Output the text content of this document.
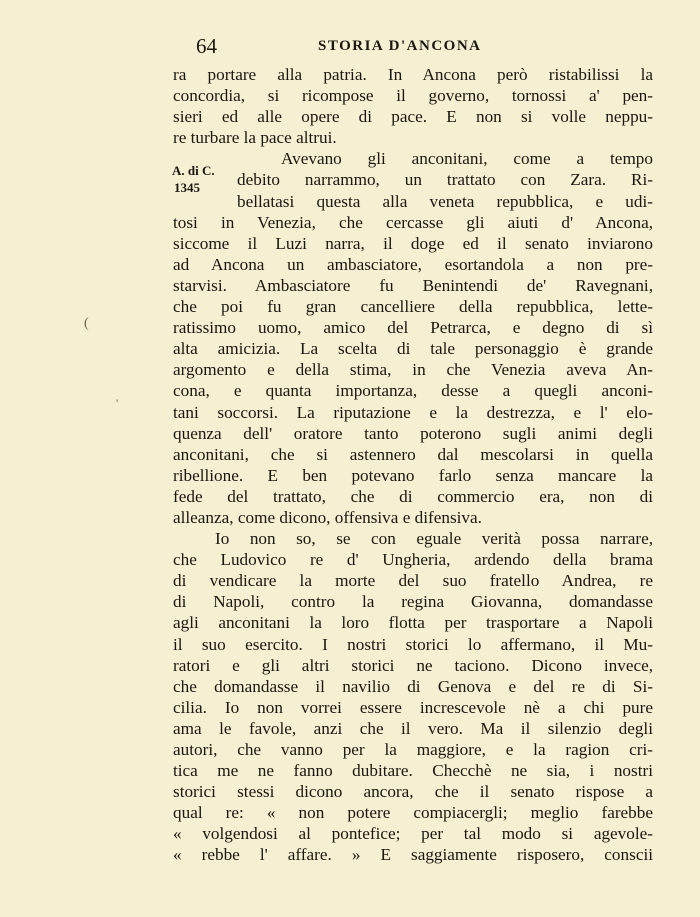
64	STORIA D'ANCONA
A. di C.
1345
(
'
ra portare alla patria. In Ancona però ristabilissi la
concordia, si ricompose il governo, tornossi a' pen-
sieri ed alle opere di pace. E non si volle neppu-
re turbare la pace altrui.
Avevano gli anconitani, come a tempo
debito narrammo, un trattato con Zara. Ri-
bellatasi questa alla veneta repubblica, e udi-
tosi in Venezia, che cercasse gli aiuti d' Ancona,
siccome il Luzi narra, il doge ed il senato inviarono
ad Ancona un ambasciatore, esortandola a non pre-
starvisi. Ambasciatore fu Benintendi de' Ravegnani,
che poi fu gran cancelliere della repubblica, lette-
ratissimo uomo, amico del Petrarca, e degno di sì
alta amicizia. La scelta di tale personaggio è grande
argomento e della stima, in che Venezia aveva An-
cona, e quanta importanza, desse a quegli anconi-
tani soccorsi. La riputazione e la destrezza, e l' elo-
quenza dell' oratore tanto poterono sugli animi degli
anconitani, che si astennero dal mescolarsi in quella
ribellione. E ben potevano farlo senza mancare la
fede del trattato, che di commercio era, non di
alleanza, come dicono, offensiva e difensiva.
Io non so, se con eguale verità possa narrare,
che Ludovico re d' Ungheria, ardendo della brama
di vendicare la morte del suo fratello Andrea, re
di Napoli, contro la regina Giovanna, domandasse
agli anconitani la loro flotta per trasportare a Napoli
il suo esercito. I nostri storici lo affermano, il Mu-
ratori e gli altri storici ne taciono. Dicono invece,
che domandasse il navilio di Genova e del re di Si-
cilia. Io non vorrei essere increscevole nè a chi pure
ama le favole, anzi che il vero. Ma il silenzio degli
autori, che vanno per la maggiore, e la ragion cri-
tica me ne fanno dubitare. Checchè ne sia, i nostri
storici stessi dicono ancora, che il senato rispose a
qual re: « non potere compiacergli; meglio farebbe
« volgendosi al pontefice; per tal modo si agevole-
« rebbe l' affare. » E saggiamente risposero, conscii
